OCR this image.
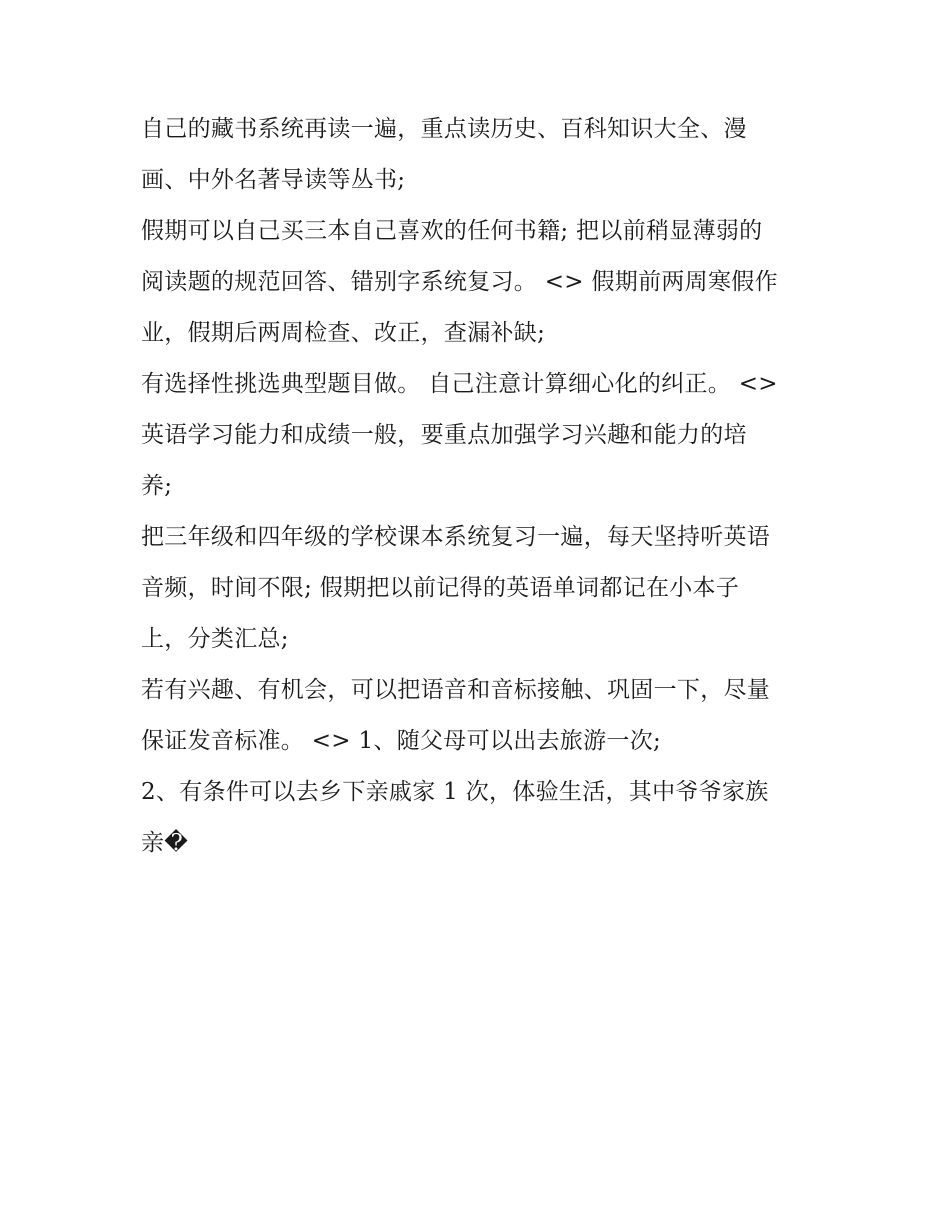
自己的藏书系统再读一遍，重点读历史、百科知识大全、漫
画、中外名著导读等丛书;
假期可以自己买三本自己喜欢的任何书籍; 把以前稍显薄弱的
阅读题的规范回答、错别字系统复习。 <> 假期前两周寒假作
业，假期后两周检查、改正，查漏补缺;
有选择性挑选典型题目做。 自己注意计算细心化的纠正。 <>
英语学习能力和成绩一般，要重点加强学习兴趣和能力的培
养;
把三年级和四年级的学校课本系统复习一遍，每天坚持听英语
音频，时间不限; 假期把以前记得的英语单词都记在小本子
上，分类汇总;
若有兴趣、有机会，可以把语音和音标接触、巩固一下，尽量
保证发音标准。 <> 1、随父母可以出去旅游一次;
2、有条件可以去乡下亲戚家 1 次，体验生活，其中爷爷家族
亲�
